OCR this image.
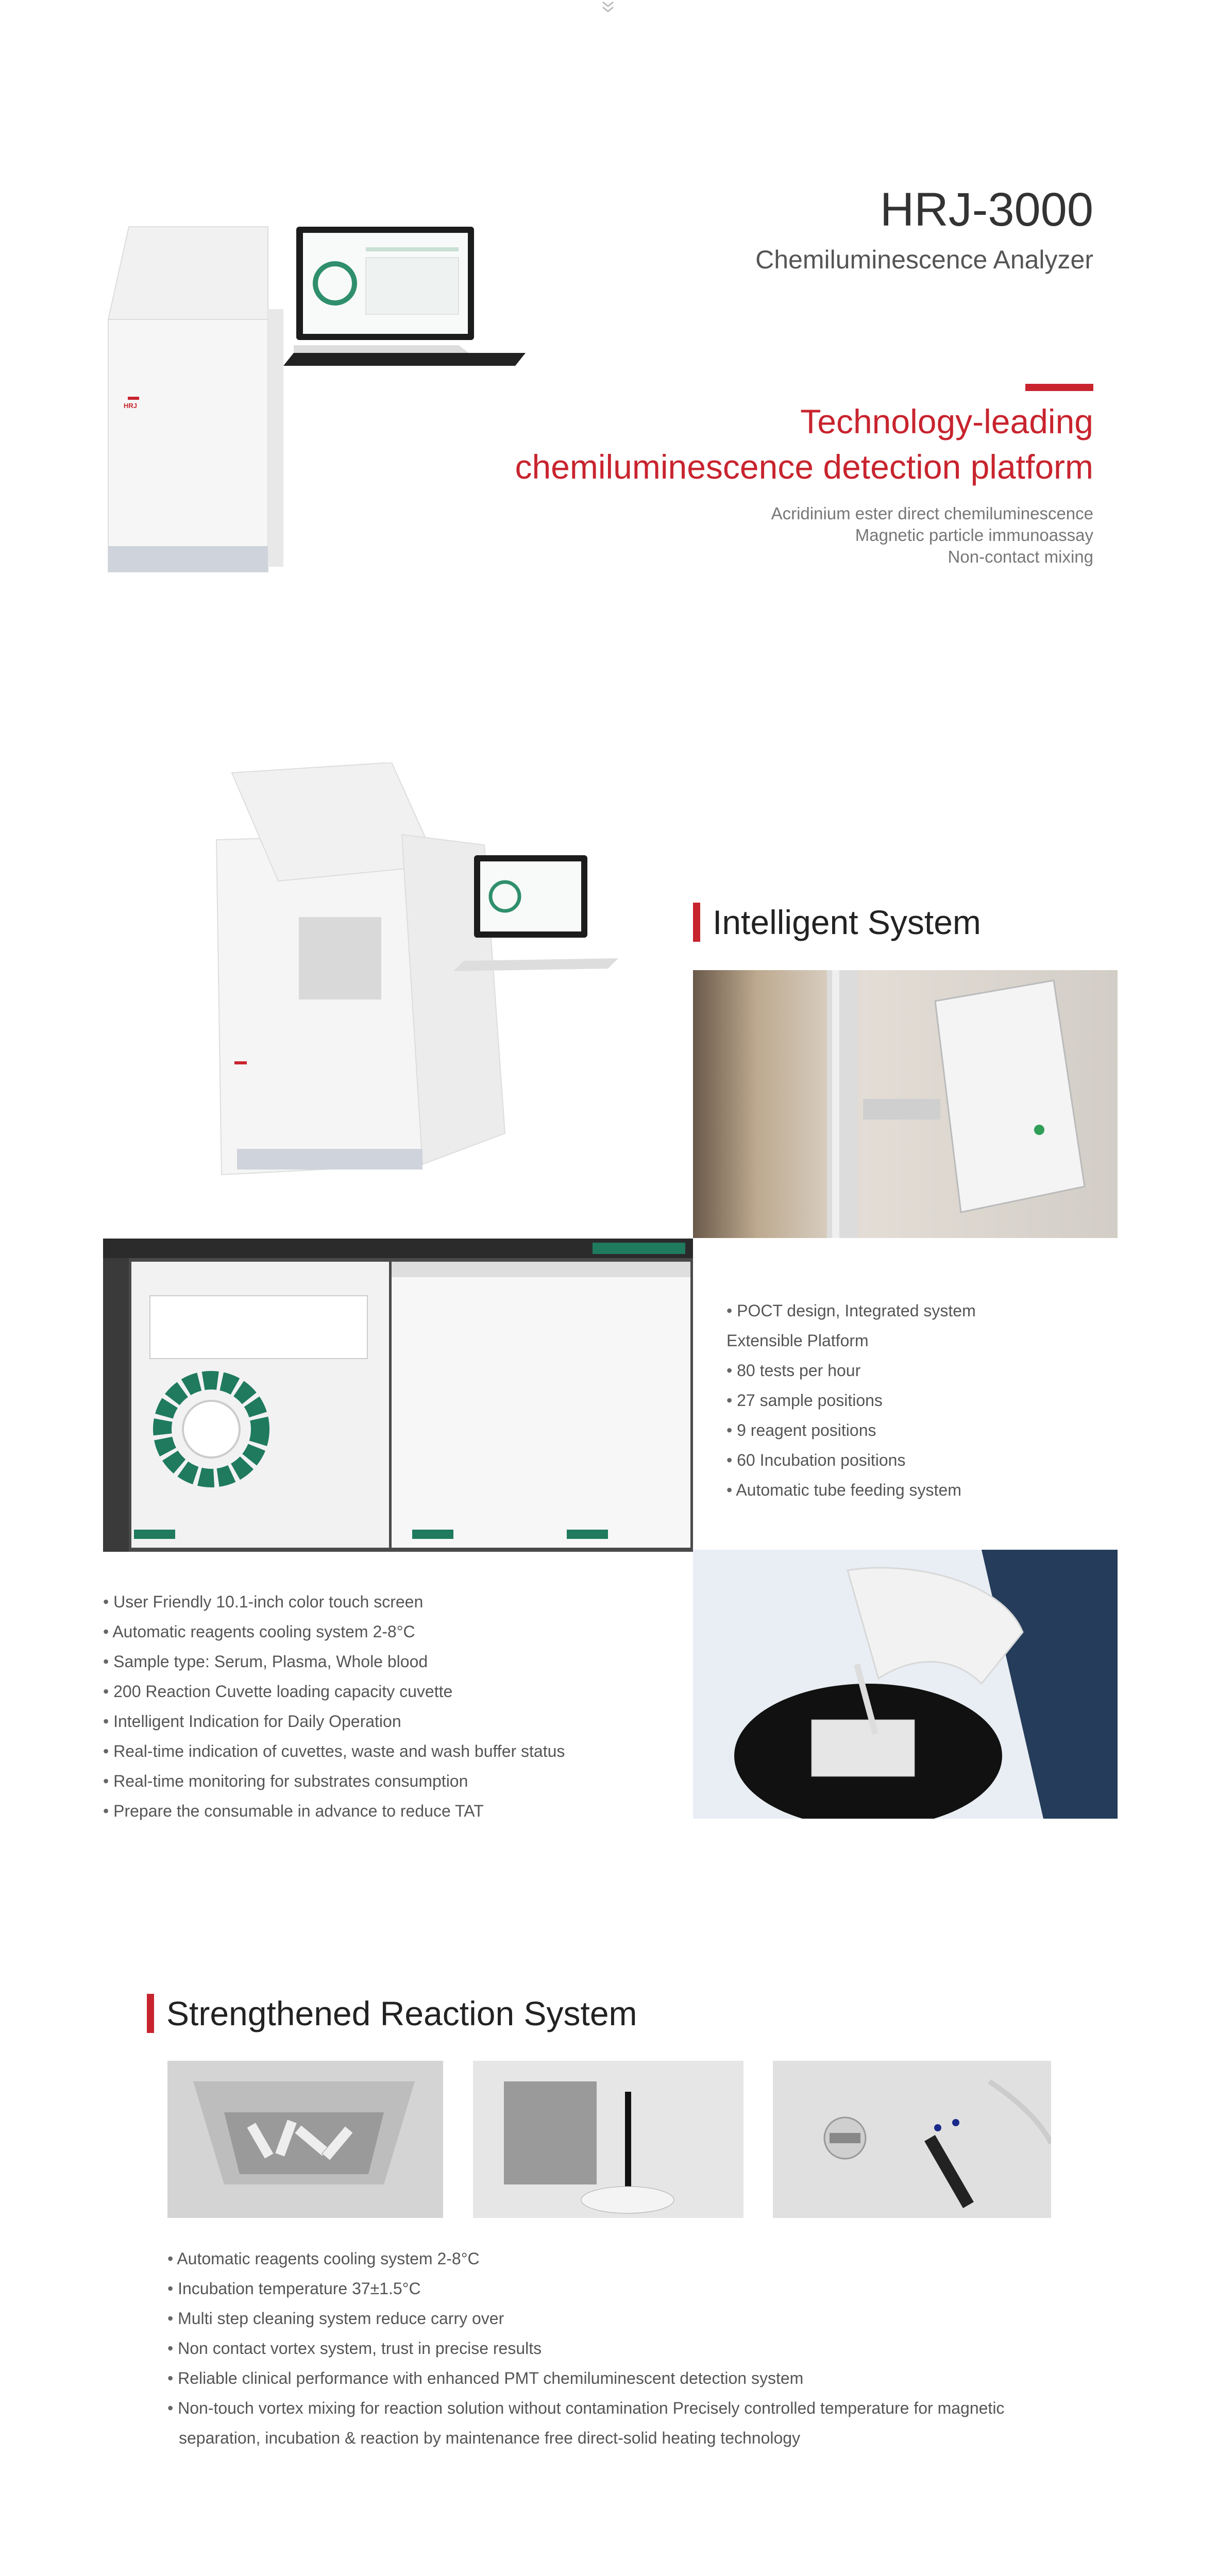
HRJ
HRJ-3000
Chemiluminescence Analyzer
Technology-leading
chemiluminescence detection platform
Acridinium ester direct chemiluminescence
Magnetic particle immunoassay
Non-contact mixing
Intelligent System
• POCT design, Integrated system Extensible Platform
• 80 tests per hour
• 27 sample positions
• 9 reagent positions
• 60 Incubation positions
• Automatic tube feeding system
• User Friendly 10.1-inch color touch screen
• Automatic reagents cooling system 2-8°C
• Sample type: Serum, Plasma, Whole blood
• 200 Reaction Cuvette loading capacity cuvette
• Intelligent Indication for Daily Operation
• Real-time indication of cuvettes, waste and wash buffer status
• Real-time monitoring for substrates consumption
• Prepare the consumable in advance to reduce TAT
Strengthened Reaction System
• Automatic reagents cooling system 2-8°C
• Incubation temperature 37±1.5°C
• Multi step cleaning system reduce carry over
• Non contact vortex system, trust in precise results
• Reliable clinical performance with enhanced PMT chemiluminescent detection system
• Non-touch vortex mixing for reaction solution without contamination Precisely controlled temperature for magnetic separation, incubation & reaction by maintenance free direct-solid heating technology
